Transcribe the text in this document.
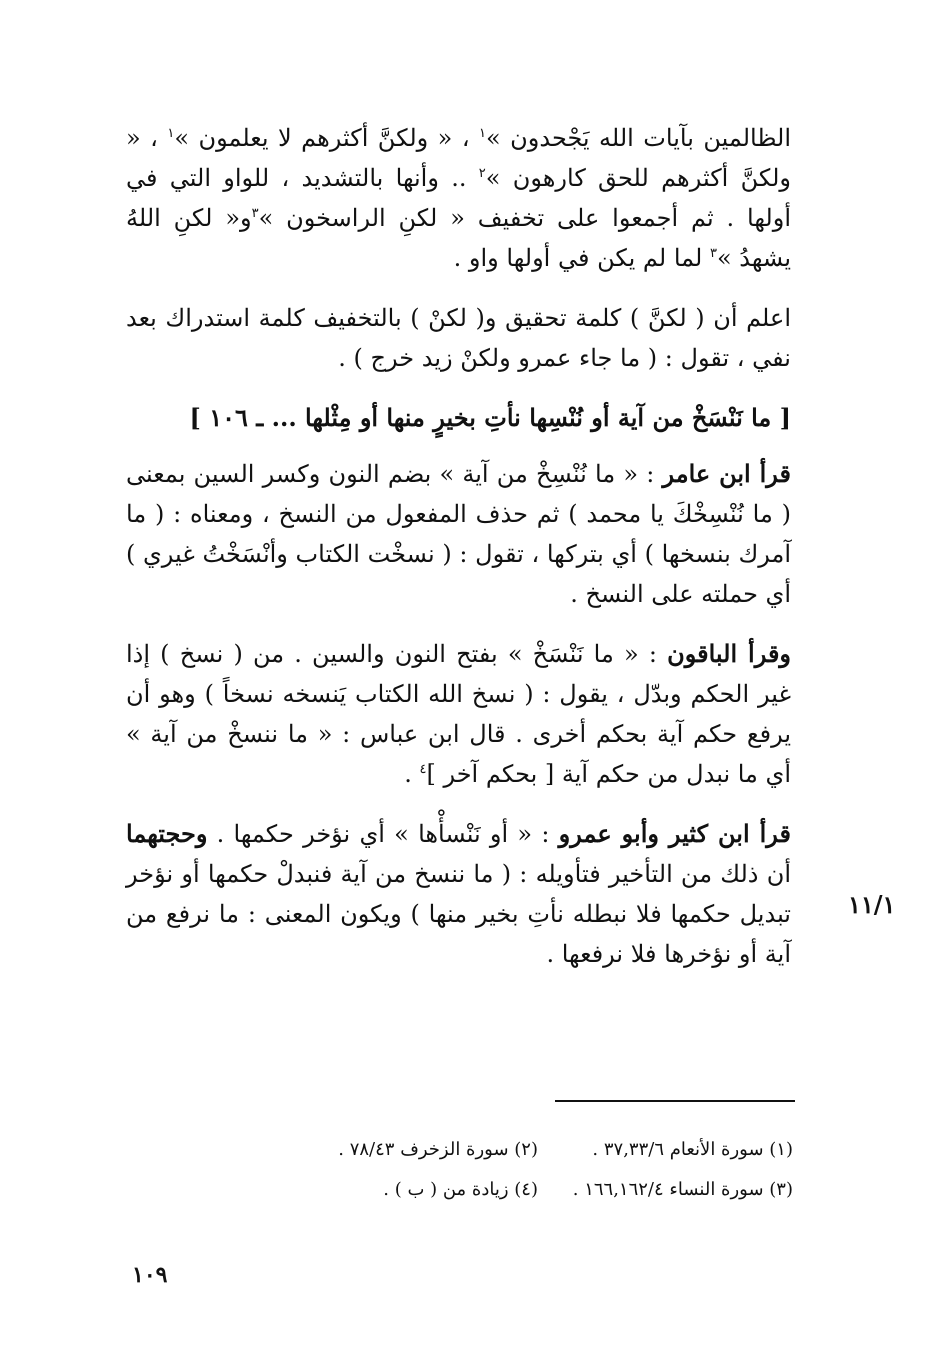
الظالمين بآيات الله يَجْحدون »$^١$ ، « ولكنَّ أكثرهم لا يعلمون »$^١$ ، « ولكنَّ أكثرهم للحق كارهون »$^٢$ .. وأنها بالتشديد ، للواو التي في أولها . ثم أجمعوا على تخفيف « لكنِ الراسخون »$^٣$و« لكنِ اللهُ يشهدُ »$^٣$ لما لم يكن في أولها واو .

اعلم أن ( لكنَّ ) كلمة تحقيق و( لكنْ ) بالتخفيف كلمة استدراك بعد نفي ، تقول : ( ما جاء عمرو ولكنْ زيد خرج ) .

[ ما نَنْسَخْ من آية أو نُنْسِها نأتِ بخيرٍ منها أو مِثْلها ... ـ ١٠٦ ]

قرأ ابن عامر : « ما نُنْسِخْ من آية » بضم النون وكسر السين بمعنى ( ما نُنْسِخْكَ يا محمد ) ثم حذف المفعول من النسخ ، ومعناه : ( ما آمرك بنسخها ) أي بتركها ، تقول : ( نسخْت الكتاب وأنْسَخْتُ غيري ) أي حملته على النسخ .

وقرأ الباقون : « ما نَنْسَخْ » بفتح النون والسين . من ( نسخ ) إذا غير الحكم وبدّل ، يقول : ( نسخ الله الكتاب يَنسخه نسخاً ) وهو أن يرفع حكم آية بحكم أخرى . قال ابن عباس : « ما ننسخْ من آية » أي ما نبدل من حكم آية [ بحكم آخر ]$^٤$ .

قرأ ابن كثير وأبو عمرو : « أو نَنْسأْها » أي نؤخر حكمها . وحجتهما أن ذلك من التأخير فتأويله : ( ما ننسخ من آية فنبدلْ حكمها أو نؤخر تبديل حكمها فلا نبطله نأتِ بخير منها ) ويكون المعنى : ما نرفع من آية أو نؤخرها فلا نرفعها .

١١/١
(١) سورة الأنعام ٣٧,٣٣/٦ .
(٢) سورة الزخرف ٧٨/٤٣ .
(٣) سورة النساء ١٦٦,١٦٢/٤ .
(٤) زيادة من ( ب ) .
١٠٩
